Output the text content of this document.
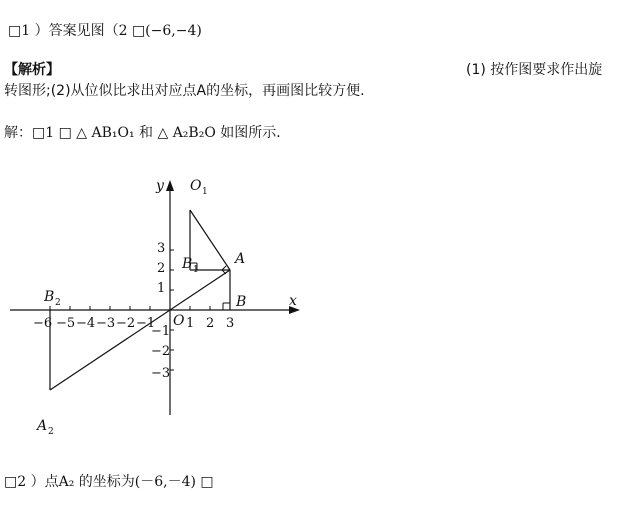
□1 ）答案见图（2 □(−6,−4)
【解析】	(1) 按作图要求作出旋
转图形;(2)从位似比求出对应点A的坐标，再画图比较方便.
解：□1 □ △ AB₁O₁ 和 △ A₂B₂O 如图所示．
□2 ）点A₂ 的坐标为(－6,－4) □
x
y
O
−6 −5 −4 −3 −2 −1 1 2 3
3
2
1
−1
−2
−3
O 1
B 1
A
B
B 2
A 2
